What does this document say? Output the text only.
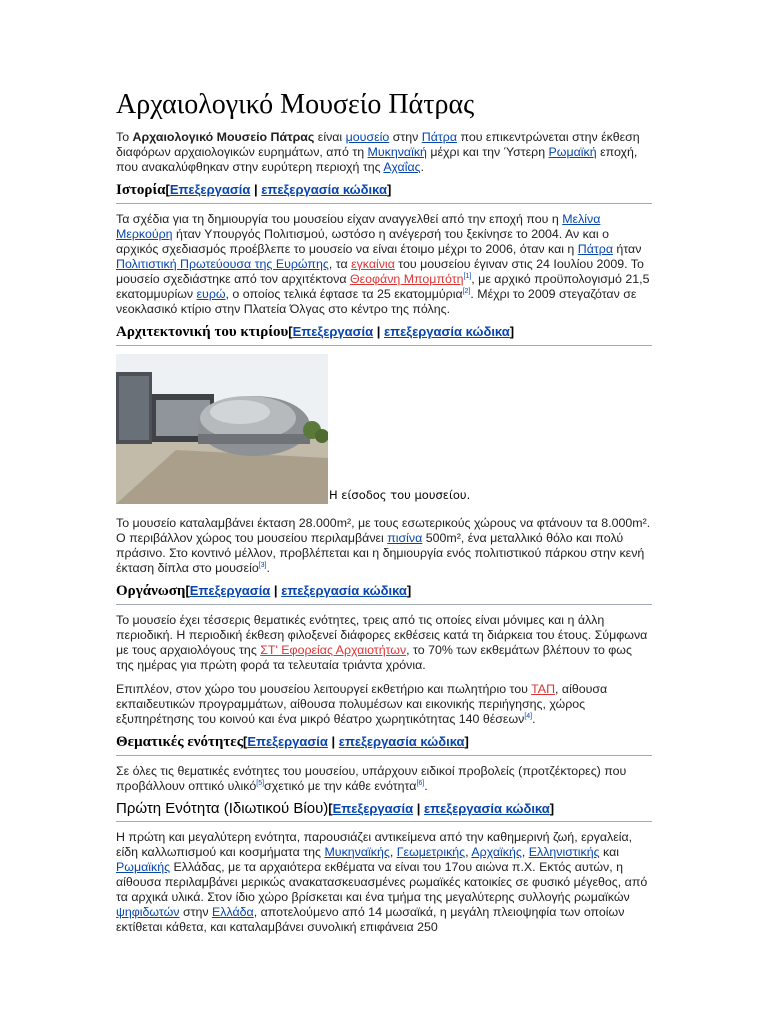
Αρχαιολογικό Μουσείο Πάτρας

Το Αρχαιολογικό Μουσείο Πάτρας είναι μουσείο στην Πάτρα που επικεντρώνεται στην έκθεση διαφόρων αρχαιολογικών ευρημάτων, από τη Μυκηναϊκή μέχρι και την Ύστερη Ρωμαϊκή εποχή, που ανακαλύφθηκαν στην ευρύτερη περιοχή της Αχαΐας.

Ιστορία[Επεξεργασία | επεξεργασία κώδικα]

Τα σχέδια για τη δημιουργία του μουσείου είχαν αναγγελθεί από την εποχή που η Μελίνα Μερκούρη ήταν Υπουργός Πολιτισμού, ωστόσο η ανέγερσή του ξεκίνησε το 2004. Αν και ο αρχικός σχεδιασμός προέβλεπε το μουσείο να είναι έτοιμο μέχρι το 2006, όταν και η Πάτρα ήταν Πολιτιστική Πρωτεύουσα της Ευρώπης, τα εγκαίνια του μουσείου έγιναν στις 24 Ιουλίου 2009. Το μουσείο σχεδιάστηκε από τον αρχιτέκτονα Θεοφάνη Μπομπότη[1], με αρχικό προϋπολογισμό 21,5 εκατομμυρίων ευρώ, ο οποίος τελικά έφτασε τα 25 εκατομμύρια[2]. Μέχρι το 2009 στεγαζόταν σε νεοκλασικό κτίριο στην Πλατεία Όλγας στο κέντρο της πόλης.

Αρχιτεκτονική του κτιρίου[Επεξεργασία | επεξεργασία κώδικα]
Η είσοδος του μουσείου.

Το μουσείο καταλαμβάνει έκταση 28.000m², με τους εσωτερικούς χώρους να φτάνουν τα 8.000m². Ο περιβάλλον χώρος του μουσείου περιλαμβάνει πισίνα 500m², ένα μεταλλικό θόλο και πολύ πράσινο. Στο κοντινό μέλλον, προβλέπεται και η δημιουργία ενός πολιτιστικού πάρκου στην κενή έκταση δίπλα στο μουσείο[3].

Οργάνωση[Επεξεργασία | επεξεργασία κώδικα]

Το μουσείο έχει τέσσερις θεματικές ενότητες, τρεις από τις οποίες είναι μόνιμες και η άλλη περιοδική. Η περιοδική έκθεση φιλοξενεί διάφορες εκθέσεις κατά τη διάρκεια του έτους. Σύμφωνα με τους αρχαιολόγους της ΣΤ' Εφορείας Αρχαιοτήτων, το 70% των εκθεμάτων βλέπουν το φως της ημέρας για πρώτη φορά τα τελευταία τριάντα χρόνια.

Επιπλέον, στον χώρο του μουσείου λειτουργεί εκθετήριο και πωλητήριο του ΤΑΠ, αίθουσα εκπαιδευτικών προγραμμάτων, αίθουσα πολυμέσων και εικονικής περιήγησης, χώρος εξυπηρέτησης του κοινού και ένα μικρό θέατρο χωρητικότητας 140 θέσεων[4].

Θεματικές ενότητες[Επεξεργασία | επεξεργασία κώδικα]

Σε όλες τις θεματικές ενότητες του μουσείου, υπάρχουν ειδικοί προβολείς (προτζέκτορες) που προβάλλουν οπτικό υλικό[5]σχετικό με την κάθε ενότητα[6].

Πρώτη Ενότητα (Ιδιωτικού Βίου)[Επεξεργασία | επεξεργασία κώδικα]

Η πρώτη και μεγαλύτερη ενότητα, παρουσιάζει αντικείμενα από την καθημερινή ζωή, εργαλεία, είδη καλλωπισμού και κοσμήματα της Μυκηναϊκής, Γεωμετρικής, Αρχαϊκής, Ελληνιστικής και Ρωμαϊκής Ελλάδας, με τα αρχαιότερα εκθέματα να είναι του 17ου αιώνα π.Χ. Εκτός αυτών, η αίθουσα περιλαμβάνει μερικώς ανακατασκευασμένες ρωμαϊκές κατοικίες σε φυσικό μέγεθος, από τα αρχικά υλικά. Στον ίδιο χώρο βρίσκεται και ένα τμήμα της μεγαλύτερης συλλογής ρωμαϊκών ψηφιδωτών στην Ελλάδα, αποτελούμενο από 14 μωσαϊκά, η μεγάλη πλειοψηφία των οποίων εκτίθεται κάθετα, και καταλαμβάνει συνολική επιφάνεια 250
